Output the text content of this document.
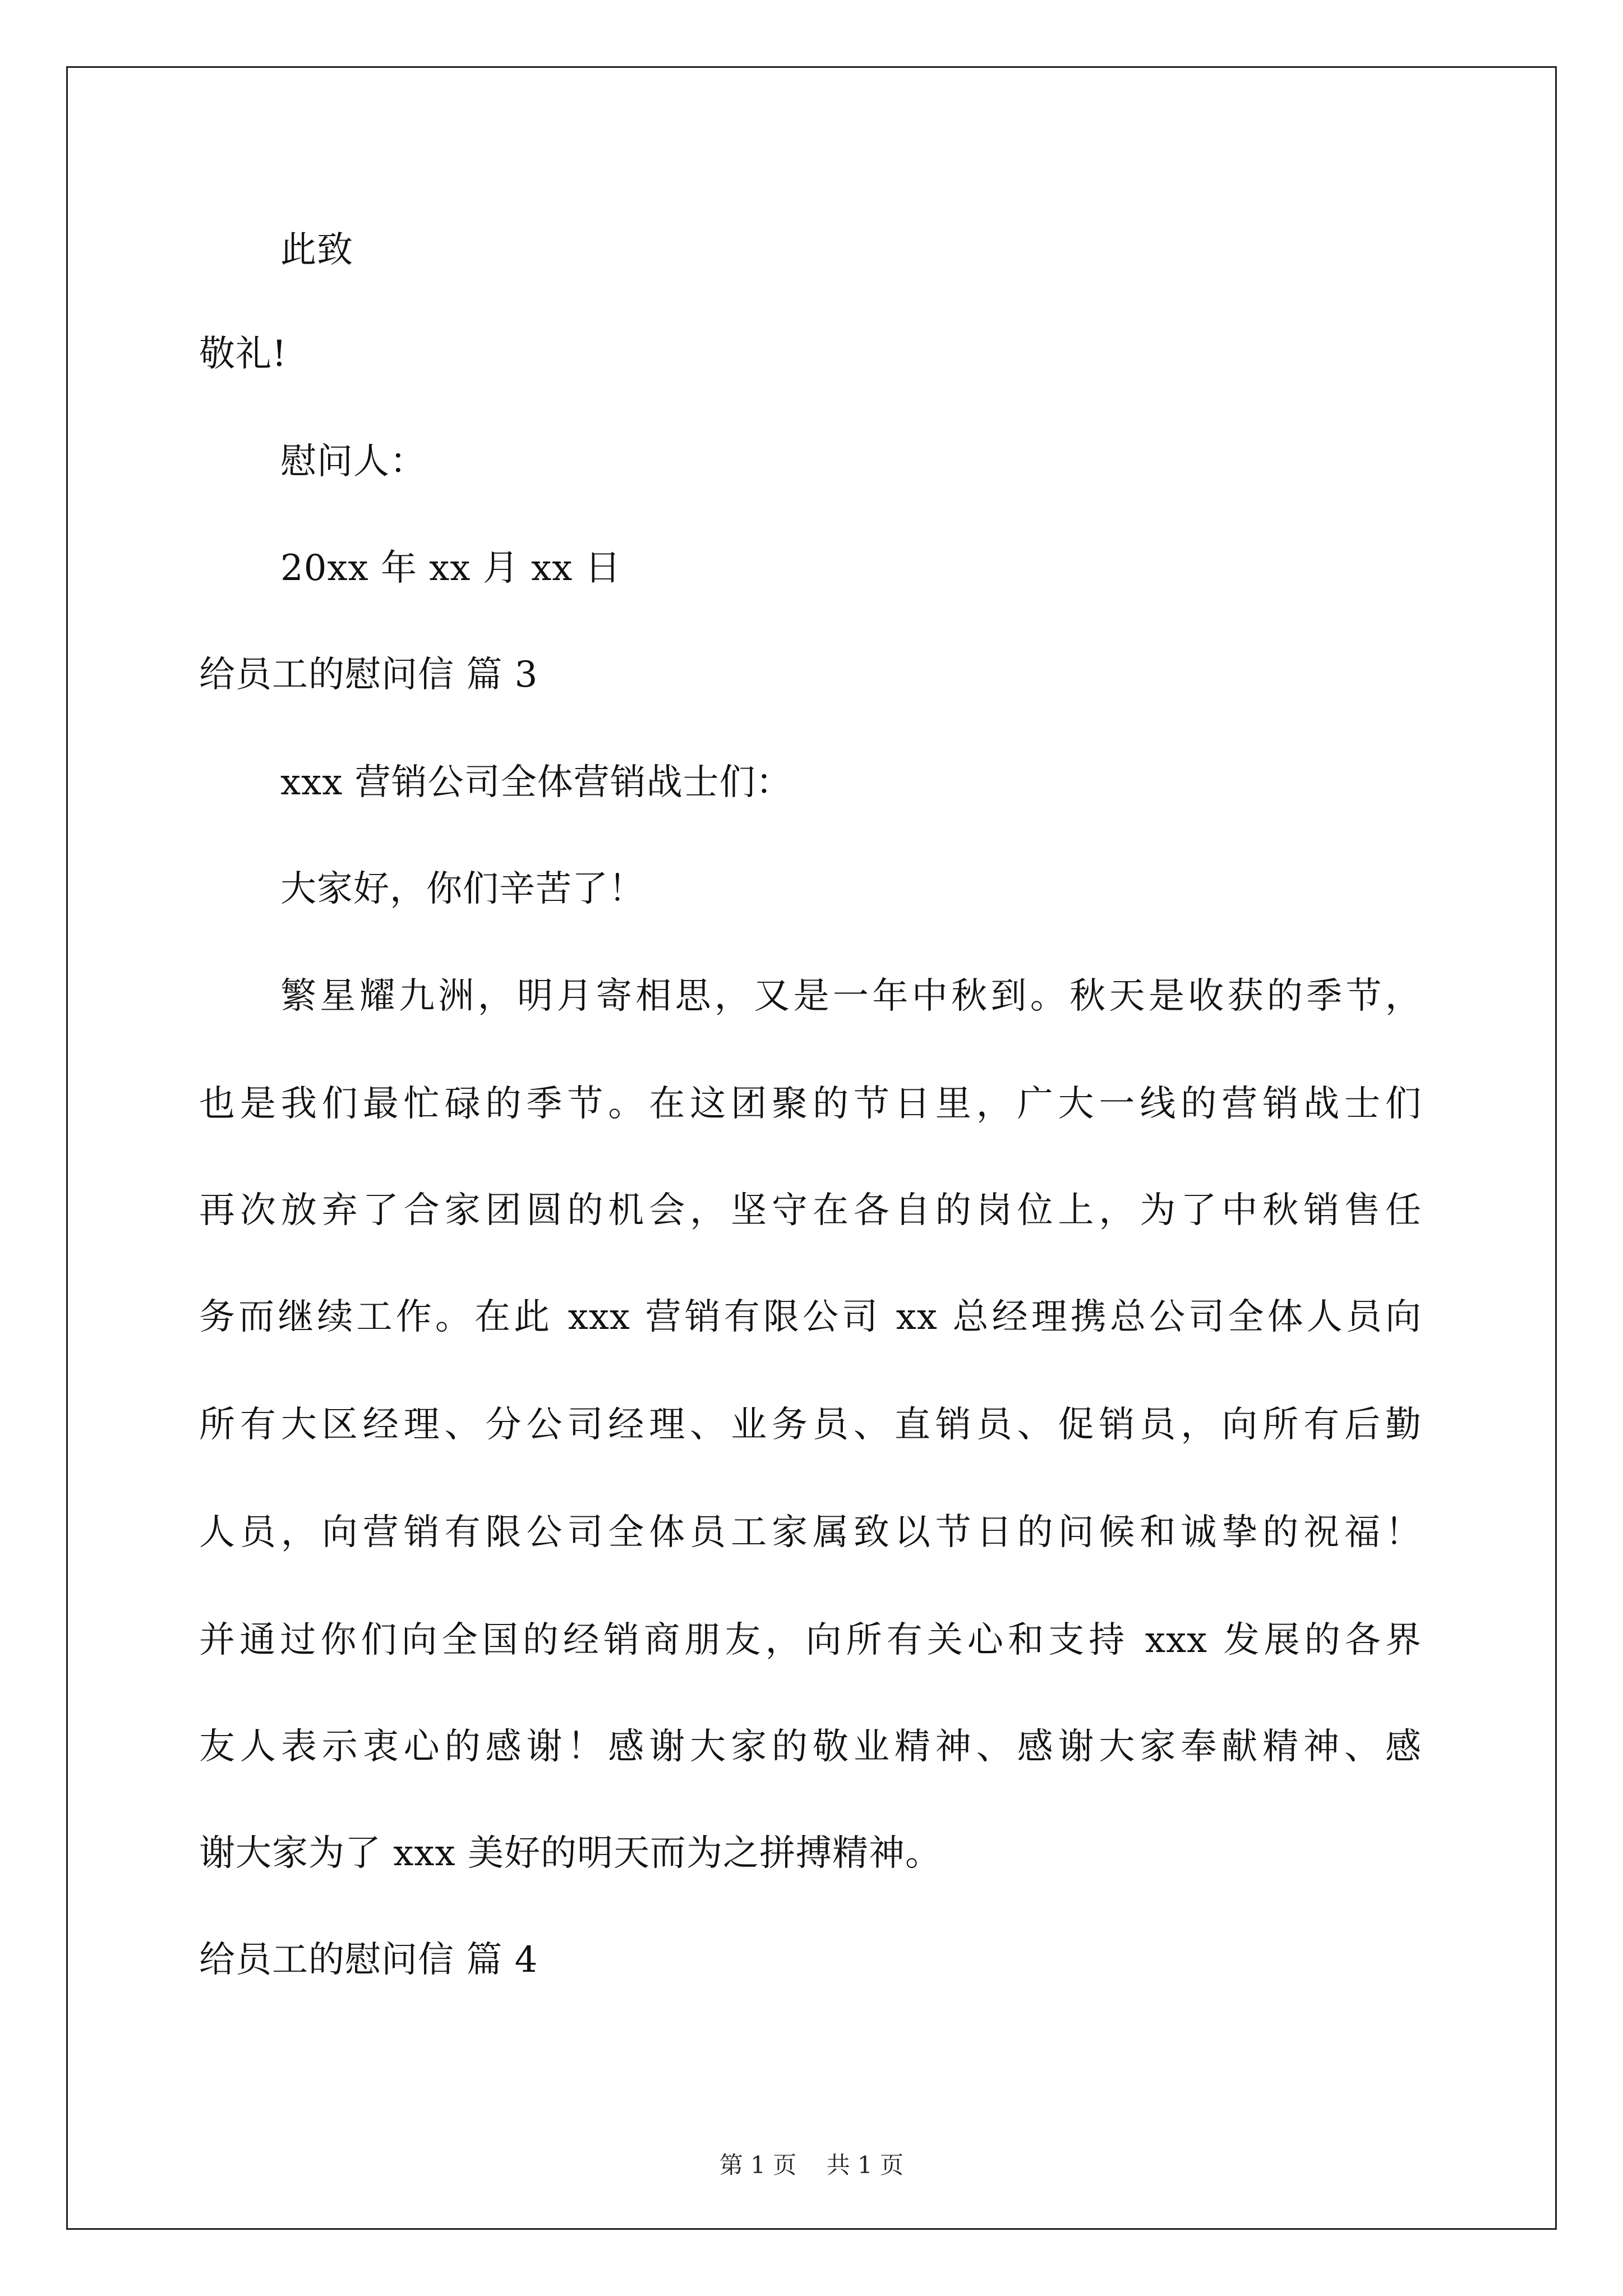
此致

敬礼!

慰问人：

20xx 年 xx 月 xx 日

给员工的慰问信 篇 3

xxx 营销公司全体营销战士们：

大家好，你们辛苦了！

繁星耀九洲，明月寄相思，又是一年中秋到。秋天是收获的季节，

也是我们最忙碌的季节。在这团聚的节日里，广大一线的营销战士们

再次放弃了合家团圆的机会，坚守在各自的岗位上，为了中秋销售任

务而继续工作。在此 xxx 营销有限公司 xx 总经理携总公司全体人员向

所有大区经理、分公司经理、业务员、直销员、促销员，向所有后勤

人员，向营销有限公司全体员工家属致以节日的问候和诚挚的祝福！

并通过你们向全国的经销商朋友，向所有关心和支持 xxx 发展的各界

友人表示衷心的感谢！感谢大家的敬业精神、感谢大家奉献精神、感

谢大家为了 xxx 美好的明天而为之拼搏精神。

给员工的慰问信 篇 4

第 1 页    共 1 页
